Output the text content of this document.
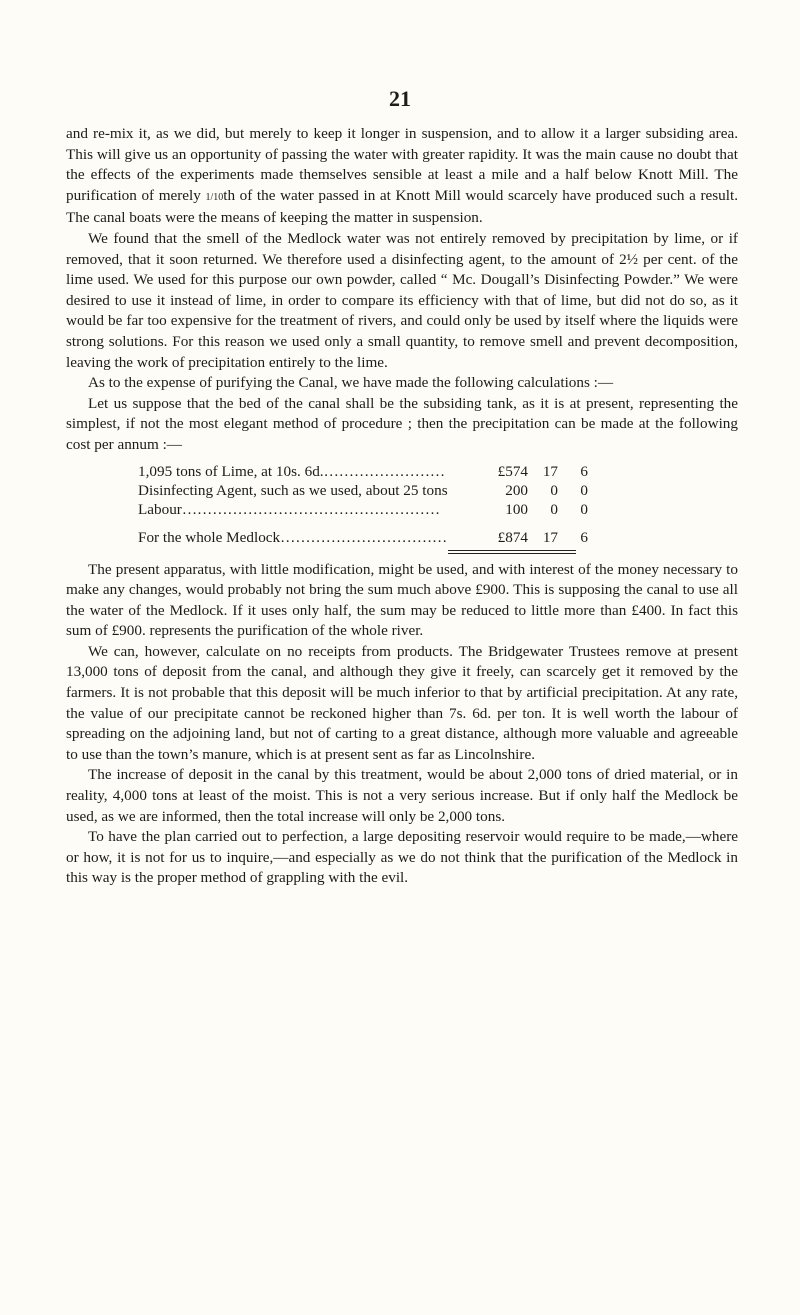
21

and re-mix it, as we did, but merely to keep it longer in suspension, and to allow it a larger subsiding area. This will give us an opportunity of passing the water with greater rapidity. It was the main cause no doubt that the effects of the experiments made themselves sensible at least a mile and a half below Knott Mill. The purification of merely 1/10th of the water passed in at Knott Mill would scarcely have produced such a result. The canal boats were the means of keeping the matter in suspension.

We found that the smell of the Medlock water was not entirely removed by precipitation by lime, or if removed, that it soon returned. We therefore used a disinfecting agent, to the amount of 2½ per cent. of the lime used. We used for this purpose our own powder, called “ Mc. Dougall’s Disinfecting Powder.” We were desired to use it instead of lime, in order to compare its efficiency with that of lime, but did not do so, as it would be far too expensive for the treatment of rivers, and could only be used by itself where the liquids were strong solutions. For this reason we used only a small quantity, to remove smell and prevent decomposition, leaving the work of precipitation entirely to the lime.

As to the expense of purifying the Canal, we have made the following calculations :—

Let us suppose that the bed of the canal shall be the subsiding tank, as it is at present, representing the simplest, if not the most elegant method of procedure ; then the precipitation can be made at the following cost per annum :—

1,095 tons of Lime, at 10s. 6d.……………………	£574	17	6
Disinfecting Agent, such as we used, about 25 tons	200	0	0
Labour……………………………………………	100	0	0

For the whole Medlock……………………………	£874	17	6

The present apparatus, with little modification, might be used, and with interest of the money necessary to make any changes, would probably not bring the sum much above £900. This is supposing the canal to use all the water of the Medlock. If it uses only half, the sum may be reduced to little more than £400. In fact this sum of £900. represents the purification of the whole river.

We can, however, calculate on no receipts from products. The Bridgewater Trustees remove at present 13,000 tons of deposit from the canal, and although they give it freely, can scarcely get it removed by the farmers. It is not probable that this deposit will be much inferior to that by artificial precipitation. At any rate, the value of our precipitate cannot be reckoned higher than 7s. 6d. per ton. It is well worth the labour of spreading on the adjoining land, but not of carting to a great distance, although more valuable and agreeable to use than the town’s manure, which is at present sent as far as Lincolnshire.

The increase of deposit in the canal by this treatment, would be about 2,000 tons of dried material, or in reality, 4,000 tons at least of the moist. This is not a very serious increase. But if only half the Medlock be used, as we are informed, then the total increase will only be 2,000 tons.

To have the plan carried out to perfection, a large depositing reservoir would require to be made,—where or how, it is not for us to inquire,—and especially as we do not think that the purification of the Medlock in this way is the proper method of grappling with the evil.
